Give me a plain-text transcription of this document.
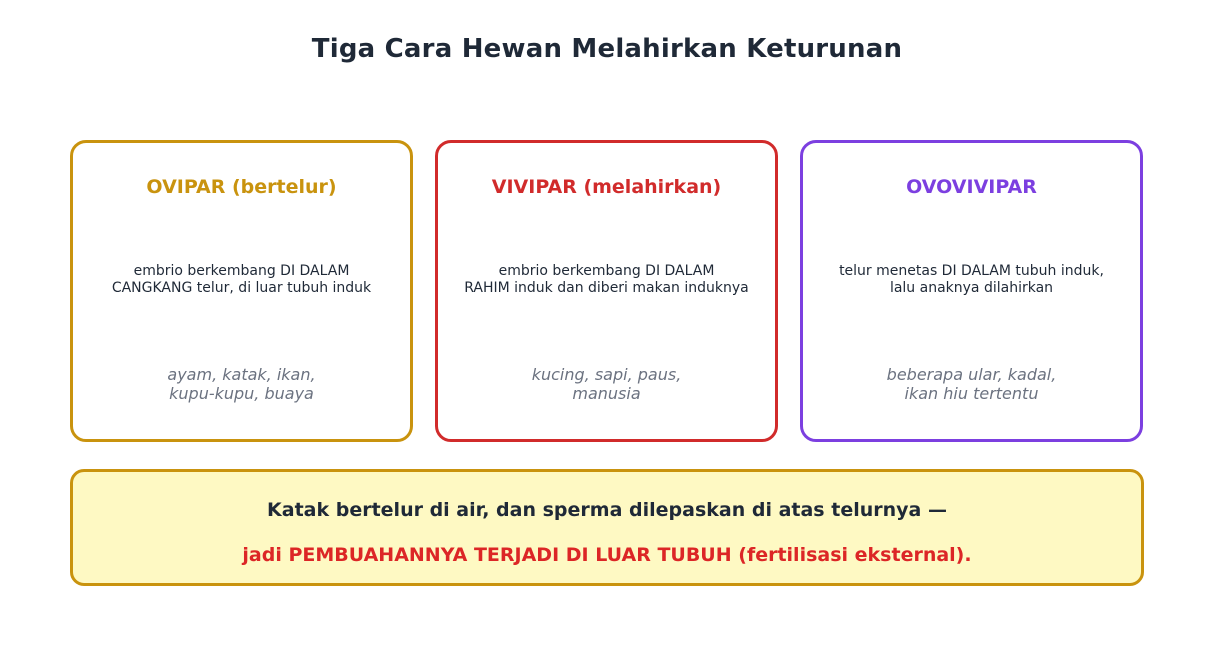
Tiga Cara Hewan Melahirkan Keturunan
OVIPAR (bertelur)
embrio berkembang DI DALAM
CANGKANG telur, di luar tubuh induk
ayam, katak, ikan,
kupu-kupu, buaya
VIVIPAR (melahirkan)
embrio berkembang DI DALAM
RAHIM induk dan diberi makan induknya
kucing, sapi, paus,
manusia
OVOVIVIPAR
telur menetas DI DALAM tubuh induk,
lalu anaknya dilahirkan
beberapa ular, kadal,
ikan hiu tertentu
Katak bertelur di air, dan sperma dilepaskan di atas telurnya —
jadi PEMBUAHANNYA TERJADI DI LUAR TUBUH (fertilisasi eksternal).
